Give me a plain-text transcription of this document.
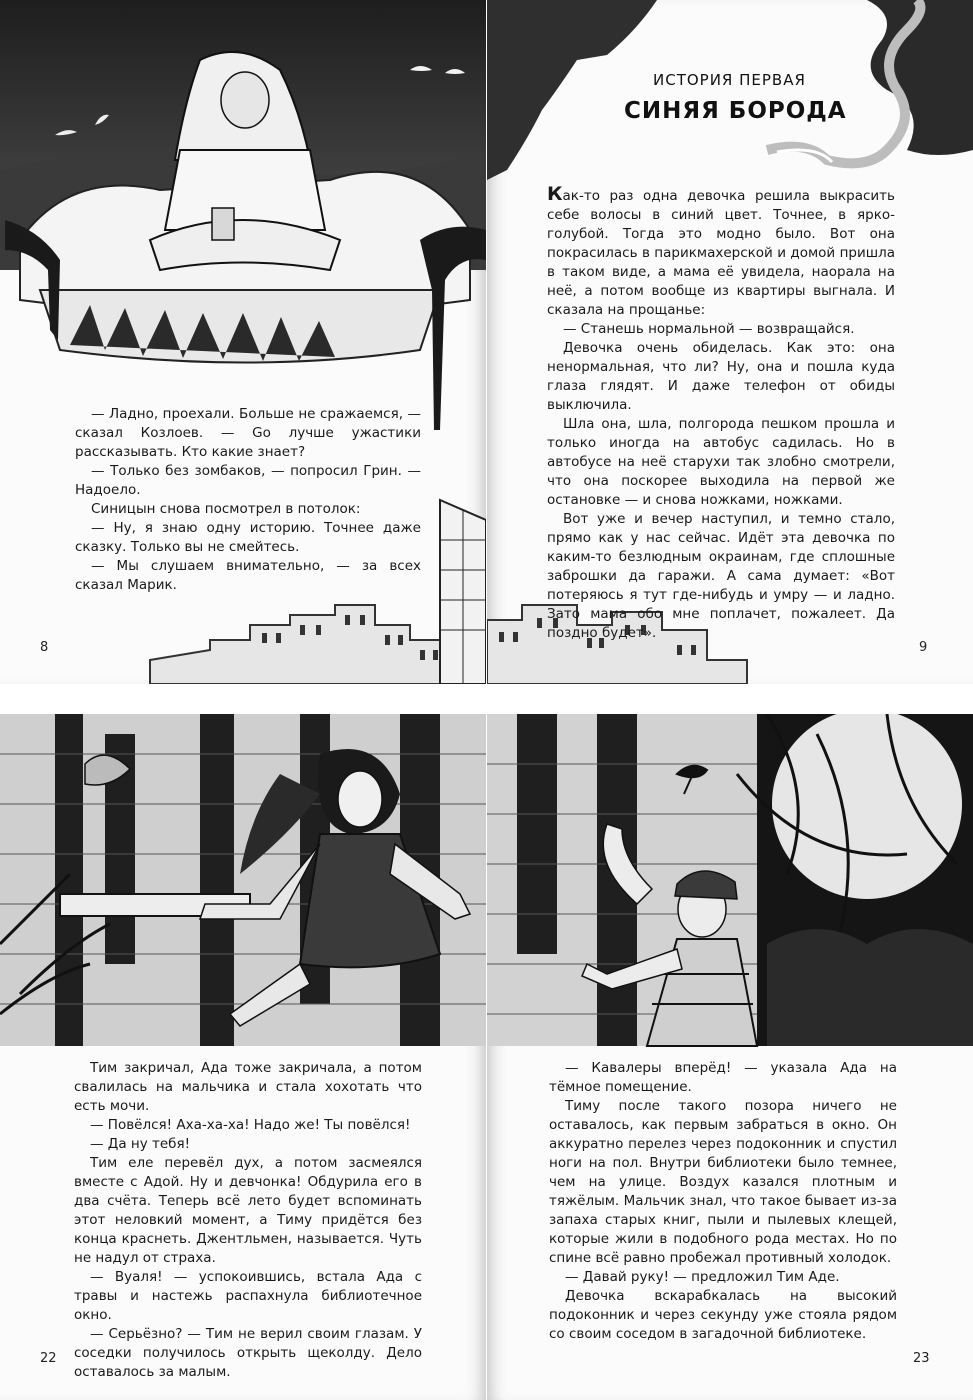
— Ладно, проехали. Больше не сражаемся, — сказал Козлоев. — Go лучше ужастики рассказывать. Кто какие знает?

— Только без зомбаков, — попросил Грин. — Надоело.

Синицын снова посмотрел в потолок:

— Ну, я знаю одну историю. Точнее даже сказку. Только вы не смейтесь.

— Мы слушаем внимательно, — за всех сказал Марик.

8
ИСТОРИЯ ПЕРВАЯ
СИНЯЯ БОРОДА

Как-то раз одна девочка решила выкрасить себе волосы в синий цвет. Точнее, в ярко-голубой. Тогда это модно было. Вот она покрасилась в парикмахерской и домой пришла в таком виде, а мама её увидела, наорала на неё, а потом вообще из квартиры выгнала. И сказала на прощанье:

— Станешь нормальной — возвращайся.

Девочка очень обиделась. Как это: она ненормальная, что ли? Ну, она и пошла куда глаза глядят. И даже телефон от обиды выключила.

Шла она, шла, полгорода пешком прошла и только иногда на автобус садилась. Но в автобусе на неё старухи так злобно смотрели, что она поскорее выходила на первой же остановке — и снова ножками, ножками.

Вот уже и вечер наступил, и темно стало, прямо как у нас сейчас. Идёт эта девочка по каким-то безлюдным окраинам, где сплошные заброшки да гаражи. А сама думает: «Вот потеряюсь я тут где-нибудь и умру — и ладно. Зато мама обо мне поплачет, пожалеет. Да поздно будет».

9

Тим закричал, Ада тоже закричала, а потом свалилась на мальчика и стала хохотать что есть мочи.

— Повёлся! Аха-ха-ха! Надо же! Ты повёлся!

— Да ну тебя!

Тим еле перевёл дух, а потом засмеялся вместе с Адой. Ну и девчонка! Обдурила его в два счёта. Теперь всё лето будет вспоминать этот неловкий момент, а Тиму придётся без конца краснеть. Джентльмен, называется. Чуть не надул от страха.

— Вуаля! — успокоившись, встала Ада с травы и настежь распахнула библиотечное окно.

— Серьёзно? — Тим не верил своим глазам. У соседки получилось открыть щеколду. Дело оставалось за малым.

22

— Кавалеры вперёд! — указала Ада на тёмное помещение.

Тиму после такого позора ничего не оставалось, как первым забраться в окно. Он аккуратно перелез через подоконник и спустил ноги на пол. Внутри библиотеки было темнее, чем на улице. Воздух казался плотным и тяжёлым. Мальчик знал, что такое бывает из-за запаха старых книг, пыли и пылевых клещей, которые жили в подобного рода местах. Но по спине всё равно пробежал противный холодок.

— Давай руку! — предложил Тим Аде.

Девочка вскарабкалась на высокий подоконник и через секунду уже стояла рядом со своим соседом в загадочной библиотеке.

23
